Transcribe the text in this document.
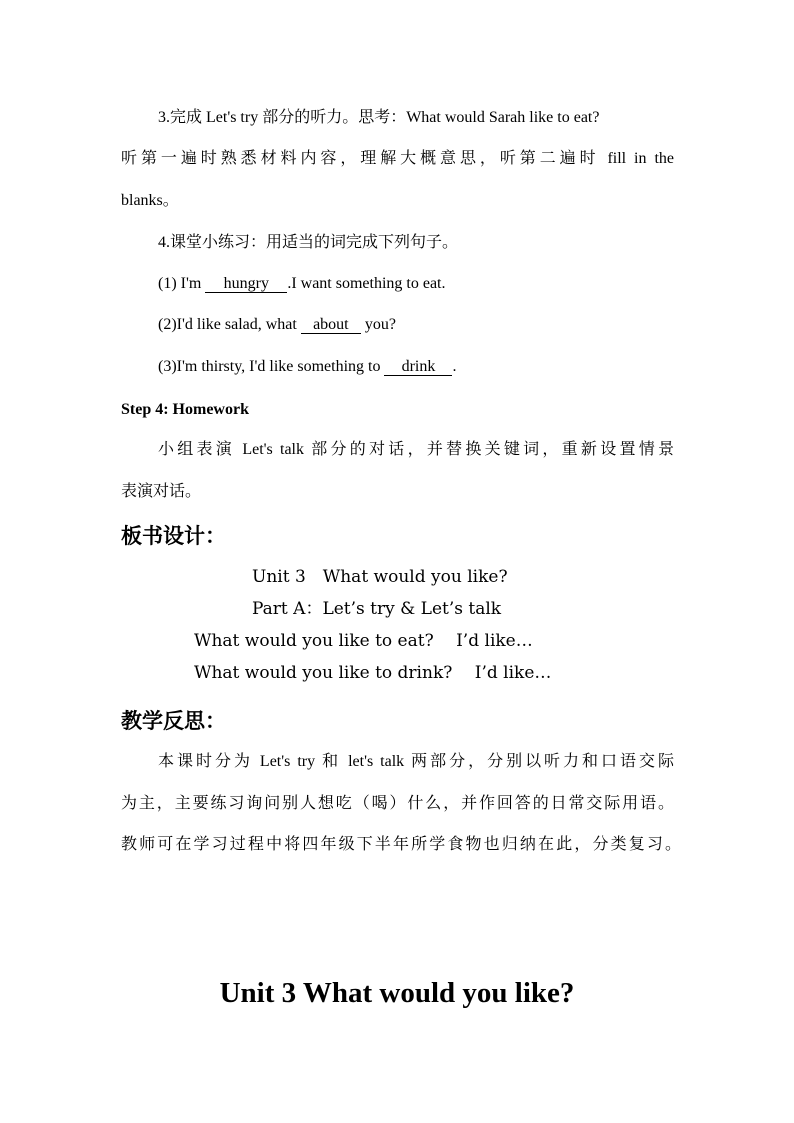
3.完成 Let's try 部分的听力。思考：What would Sarah like to eat?
听第一遍时熟悉材料内容，理解大概意思，听第二遍时 fill in the
blanks。
4.课堂小练习：用适当的词完成下列句子。
(1) I'm hungry .I want something to eat.
(2)I'd like salad, what about you?
(3)I'm thirsty, I'd like something to drink .
Step 4: Homework
小组表演 Let's talk 部分的对话，并替换关键词，重新设置情景
表演对话。
板书设计：
Unit 3　What would you like?
Part A：Let’s try & Let’s talk
What would you like to eat?　 I’d like…
What would you like to drink?　 I’d like…
教学反思：
本课时分为 Let's try 和 let's talk 两部分，分别以听力和口语交际
为主，主要练习询问别人想吃（喝）什么，并作回答的日常交际用语。
教师可在学习过程中将四年级下半年所学食物也归纳在此，分类复习。
Unit 3 What would you like?
